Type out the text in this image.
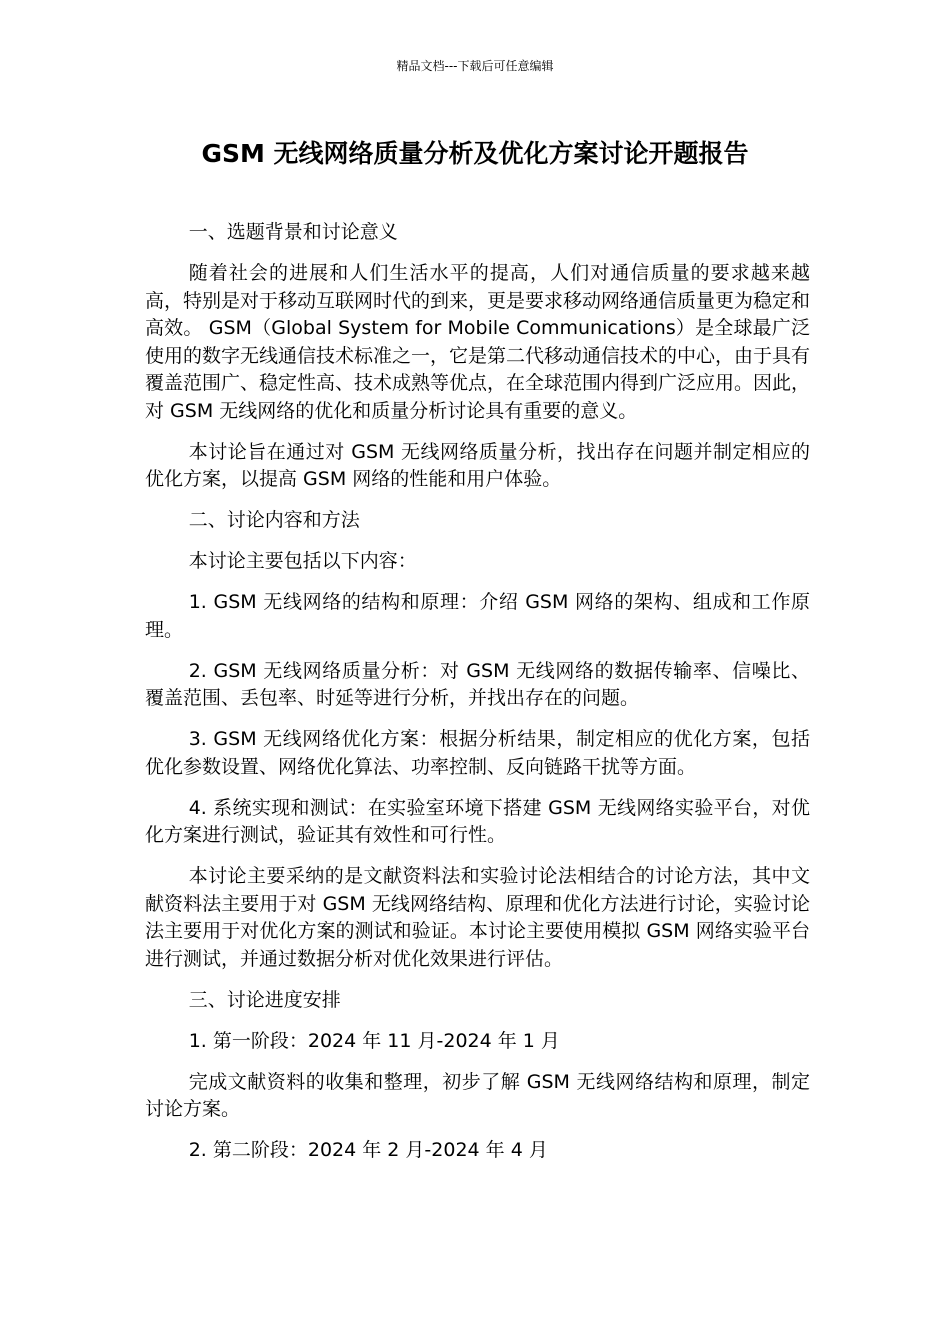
精品文档---下载后可任意编辑
GSM 无线网络质量分析及优化方案讨论开题报告

一、选题背景和讨论意义

随着社会的进展和人们生活水平的提高，人们对通信质量的要求越来越高，特别是对于移动互联网时代的到来，更是要求移动网络通信质量更为稳定和高效。 GSM（Global System for Mobile Communications）是全球最广泛使用的数字无线通信技术标准之一，它是第二代移动通信技术的中心，由于具有覆盖范围广、稳定性高、技术成熟等优点，在全球范围内得到广泛应用。因此，对 GSM 无线网络的优化和质量分析讨论具有重要的意义。

本讨论旨在通过对 GSM 无线网络质量分析，找出存在问题并制定相应的优化方案，以提高 GSM 网络的性能和用户体验。

二、讨论内容和方法

本讨论主要包括以下内容：

1. GSM 无线网络的结构和原理：介绍 GSM 网络的架构、组成和工作原理。

2. GSM 无线网络质量分析：对 GSM 无线网络的数据传输率、信噪比、覆盖范围、丢包率、时延等进行分析，并找出存在的问题。

3. GSM 无线网络优化方案：根据分析结果，制定相应的优化方案，包括优化参数设置、网络优化算法、功率控制、反向链路干扰等方面。

4. 系统实现和测试：在实验室环境下搭建 GSM 无线网络实验平台，对优化方案进行测试，验证其有效性和可行性。

本讨论主要采纳的是文献资料法和实验讨论法相结合的讨论方法，其中文献资料法主要用于对 GSM 无线网络结构、原理和优化方法进行讨论，实验讨论法主要用于对优化方案的测试和验证。本讨论主要使用模拟 GSM 网络实验平台进行测试，并通过数据分析对优化效果进行评估。

三、讨论进度安排

1. 第一阶段：2024 年 11 月-2024 年 1 月

完成文献资料的收集和整理，初步了解 GSM 无线网络结构和原理，制定讨论方案。

2. 第二阶段：2024 年 2 月-2024 年 4 月
